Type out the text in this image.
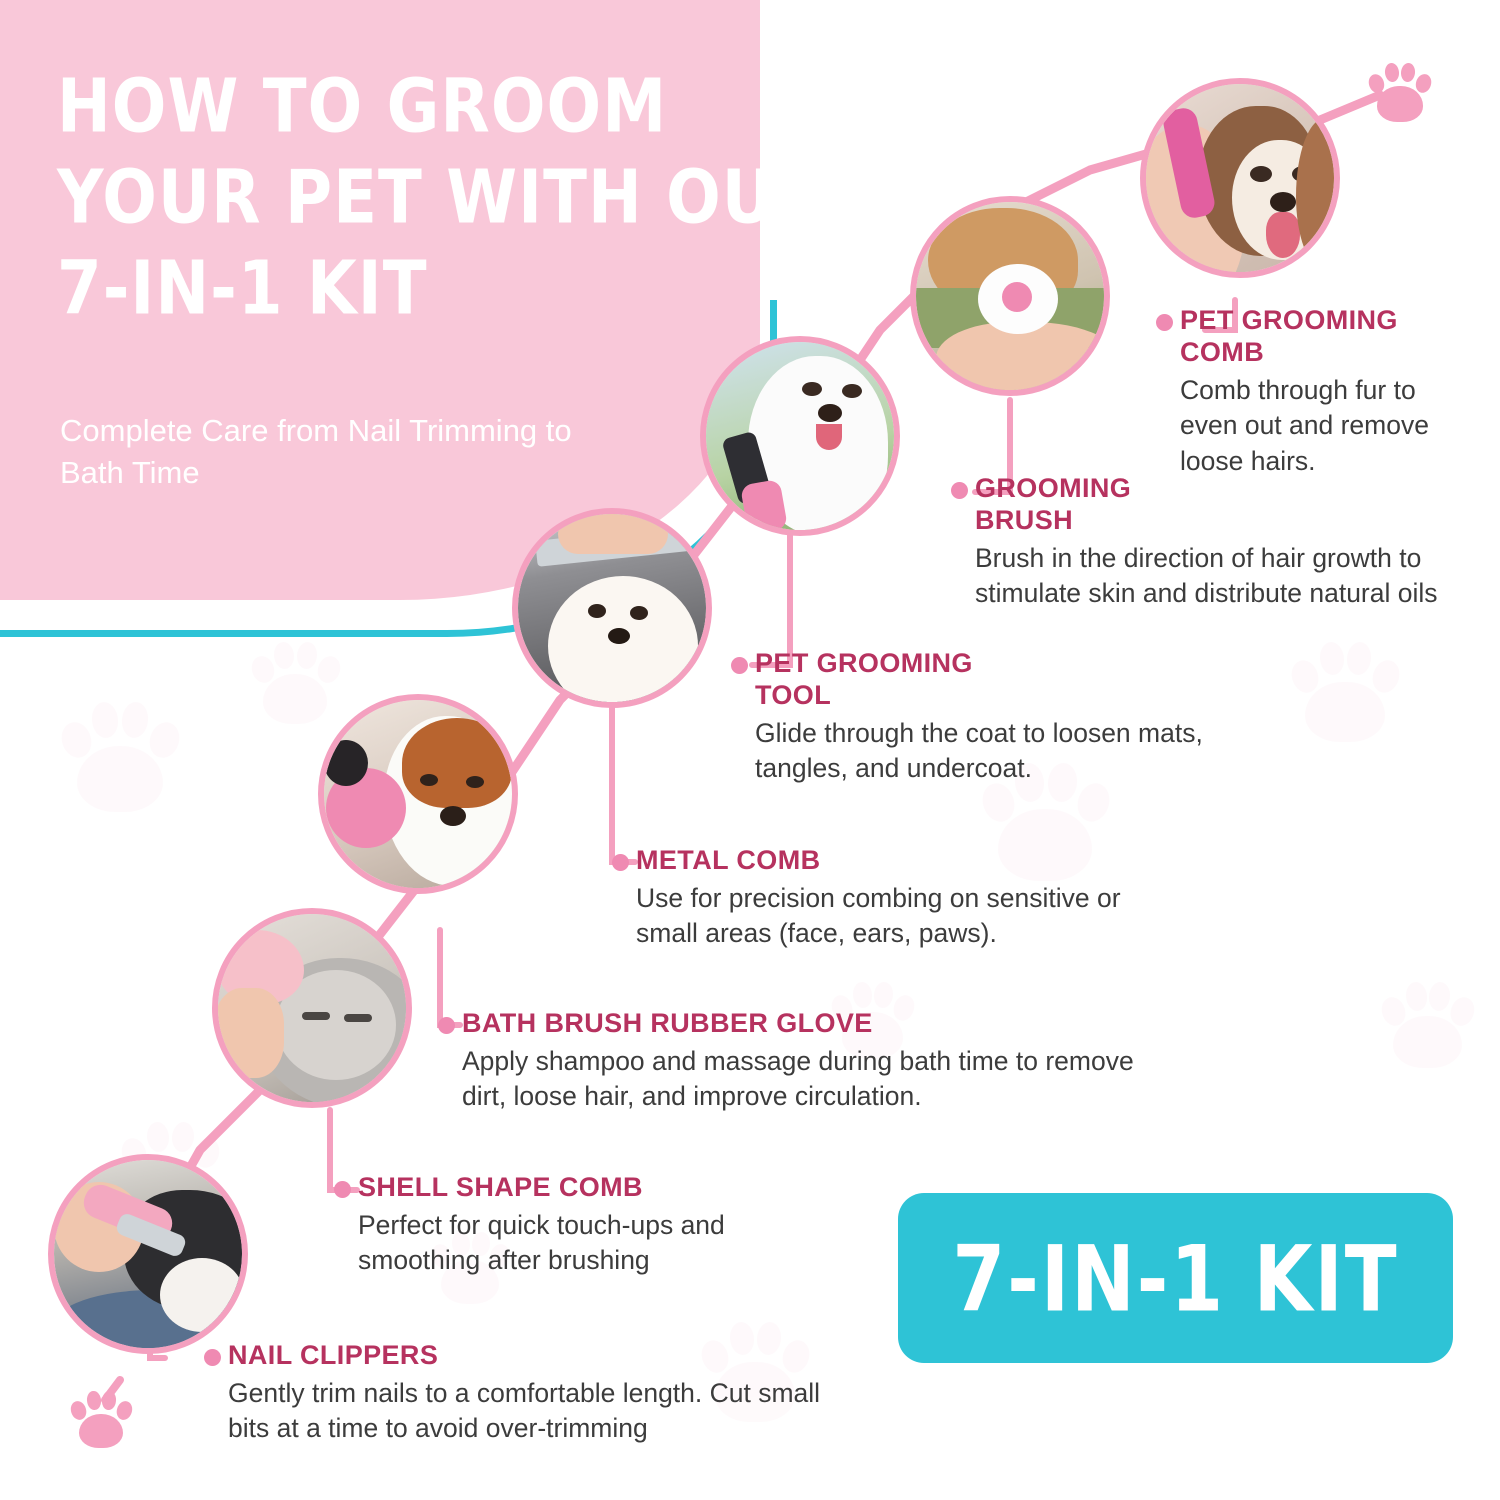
HOW TO GROOM
YOUR PET WITH OUR
7-IN-1 KIT
Complete Care from Nail Trimming to Bath Time
PET GROOMING COMB
Comb through fur to even out and remove loose hairs.
GROOMING BRUSH
Brush in the direction of hair growth to stimulate skin and distribute natural oils
PET GROOMING TOOL
Glide through the coat to loosen mats, tangles, and undercoat.
METAL COMB
Use for precision combing on sensitive or small areas (face, ears, paws).
BATH BRUSH RUBBER GLOVE
Apply shampoo and massage during bath time to remove dirt, loose hair, and improve circulation.
SHELL SHAPE COMB
Perfect for quick touch-ups and smoothing after brushing
NAIL CLIPPERS
Gently trim nails to a comfortable length. Cut small bits at a time to avoid over-trimming
7-IN-1 KIT
